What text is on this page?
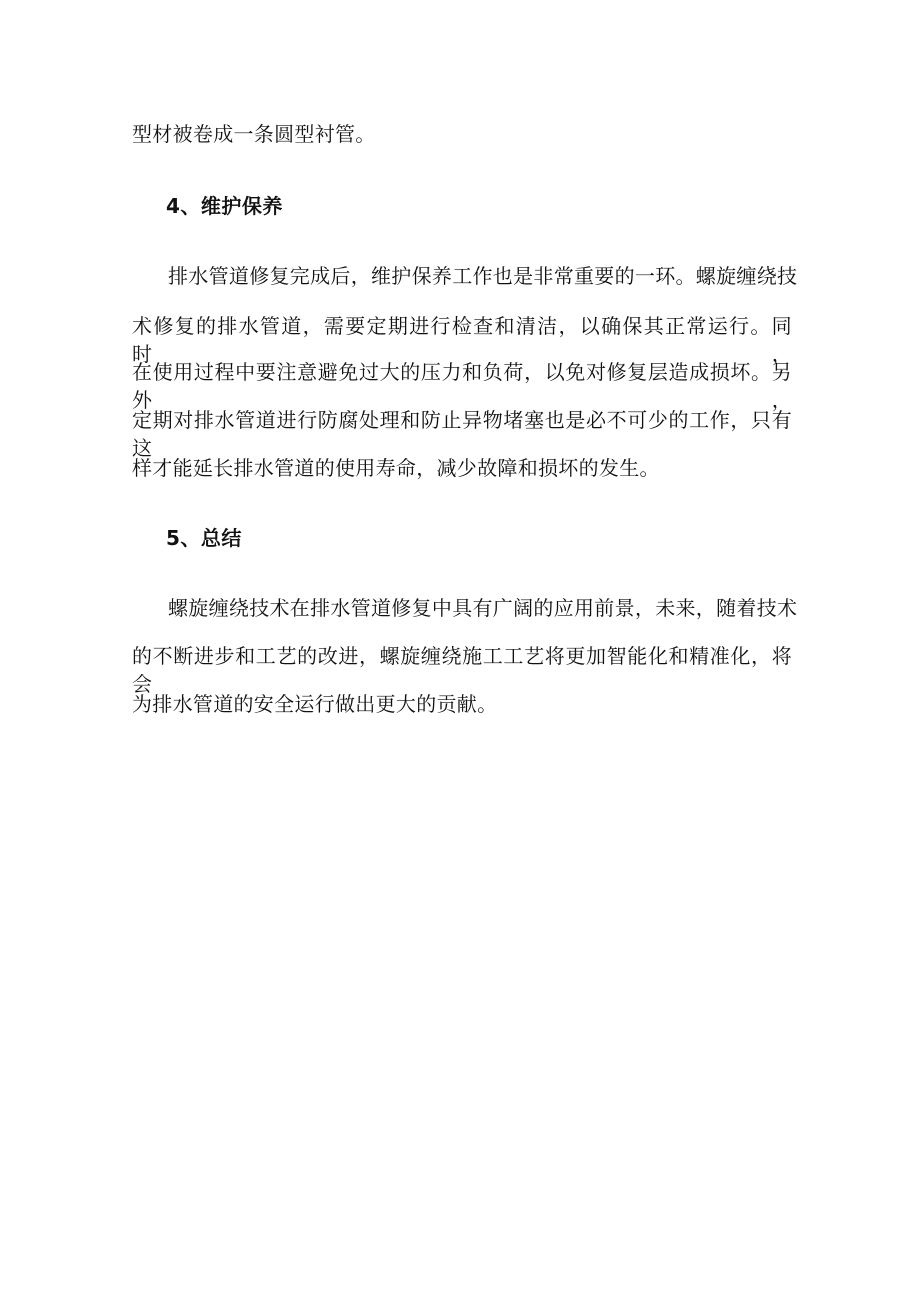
型材被卷成一条圆型衬管。
4、维护保养
排水管道修复完成后，维护保养工作也是非常重要的一环。螺旋缠绕技
术修复的排水管道，需要定期进行检查和清洁，以确保其正常运行。同时，
在使用过程中要注意避免过大的压力和负荷，以免对修复层造成损坏。另外，
定期对排水管道进行防腐处理和防止异物堵塞也是必不可少的工作，只有这
样才能延长排水管道的使用寿命，减少故障和损坏的发生。
5、总结
螺旋缠绕技术在排水管道修复中具有广阔的应用前景，未来，随着技术
的不断进步和工艺的改进，螺旋缠绕施工工艺将更加智能化和精准化，将会
为排水管道的安全运行做出更大的贡献。
